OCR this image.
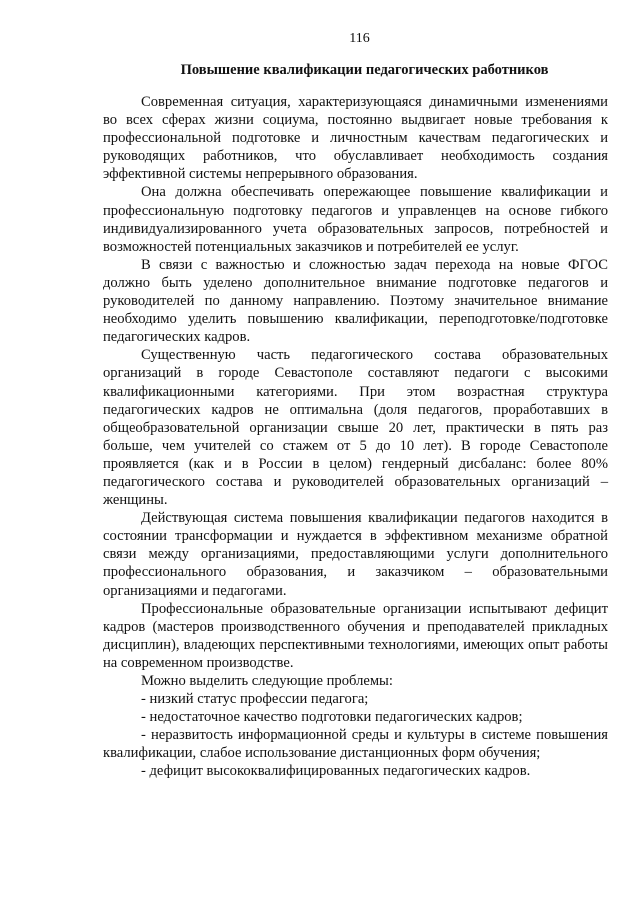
116
Повышение квалификации педагогических работников

Современная ситуация, характеризующаяся динамичными изменениями во всех сферах жизни социума, постоянно выдвигает новые требования к профессиональной подготовке и личностным качествам педагогических и руководящих работников, что обуславливает необходимость создания эффективной системы непрерывного образования.

Она должна обеспечивать опережающее повышение квалификации и профессиональную подготовку педагогов и управленцев на основе гибкого индивидуализированного учета образовательных запросов, потребностей и возможностей потенциальных заказчиков и потребителей ее услуг.

В связи с важностью и сложностью задач перехода на новые ФГОС должно быть уделено дополнительное внимание подготовке педагогов и руководителей по данному направлению. Поэтому значительное внимание необходимо уделить повышению квалификации, переподготовке/подготовке педагогических кадров.

Существенную часть педагогического состава образовательных организаций в городе Севастополе составляют педагоги с высокими квалификационными категориями. При этом возрастная структура педагогических кадров не оптимальна (доля педагогов, проработавших в общеобразовательной организации свыше 20 лет, практически в пять раз больше, чем учителей со стажем от 5 до 10 лет). В городе Севастополе проявляется (как и в России в целом) гендерный дисбаланс: более 80% педагогического состава и руководителей образовательных организаций – женщины.

Действующая система повышения квалификации педагогов находится в состоянии трансформации и нуждается в эффективном механизме обратной связи между организациями, предоставляющими услуги дополнительного профессионального образования, и заказчиком – образовательными организациями и педагогами.

Профессиональные образовательные организации испытывают дефицит кадров (мастеров производственного обучения и преподавателей прикладных дисциплин), владеющих перспективными технологиями, имеющих опыт работы на современном производстве.

Можно выделить следующие проблемы:

- низкий статус профессии педагога;

- недостаточное качество подготовки педагогических кадров;

- неразвитость информационной среды и культуры в системе повышения квалификации, слабое использование дистанционных форм обучения;

- дефицит высококвалифицированных педагогических кадров.
